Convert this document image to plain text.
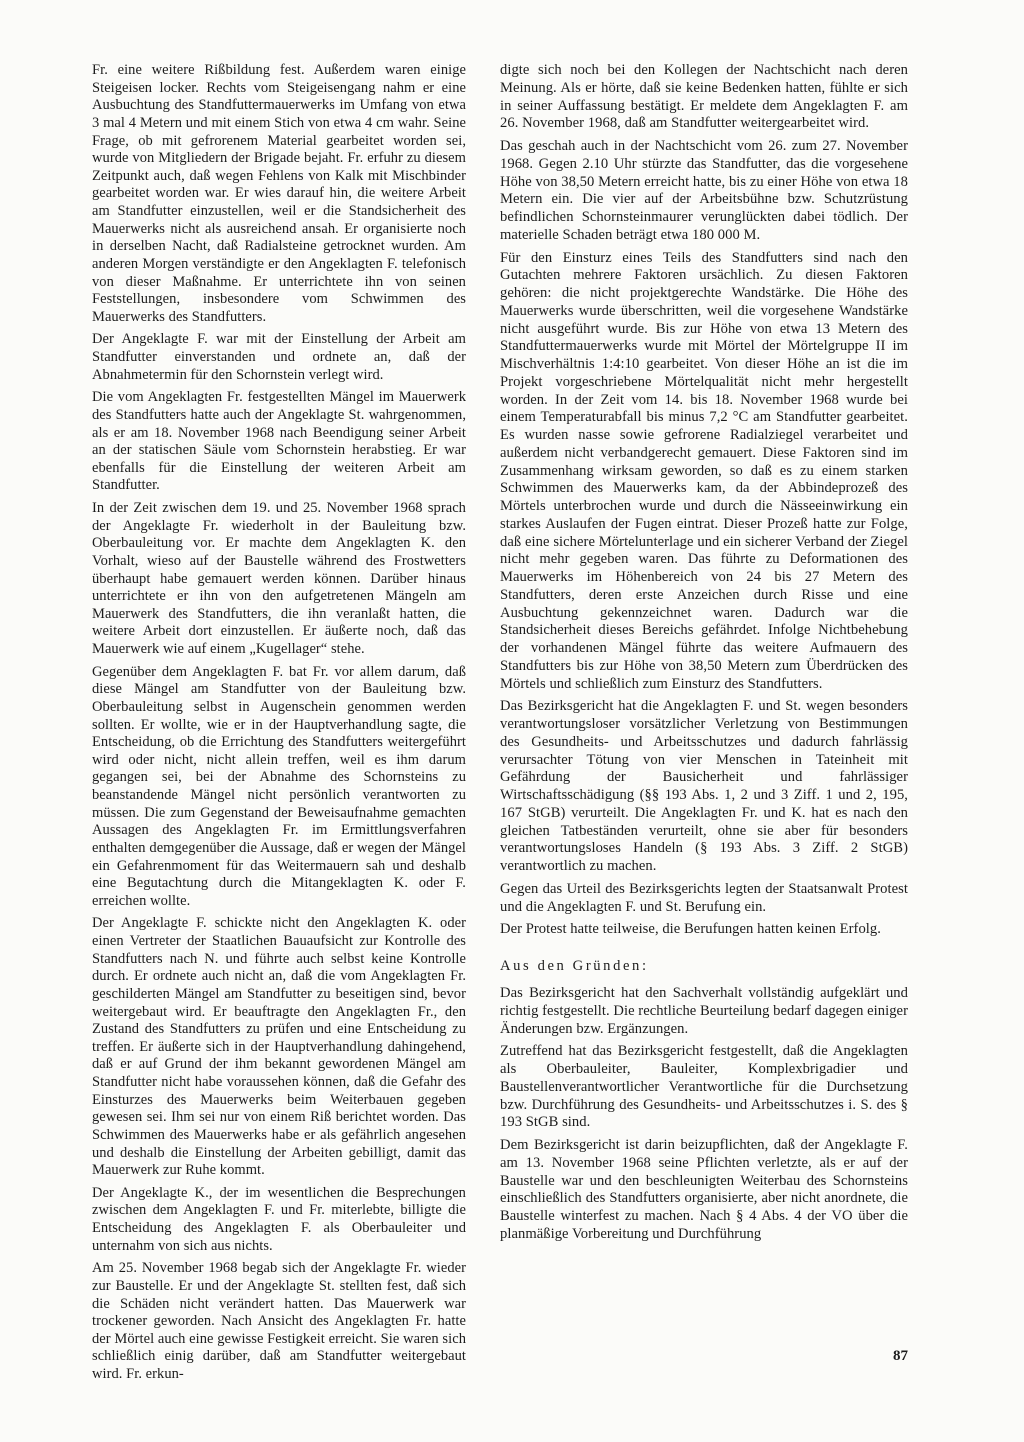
Fr. eine weitere Rißbildung fest. Außerdem waren einige Steigeisen locker. Rechts vom Steigeisengang nahm er eine Ausbuchtung des Standfuttermauerwerks im Umfang von etwa 3 mal 4 Metern und mit einem Stich von etwa 4 cm wahr. Seine Frage, ob mit gefrorenem Material gearbeitet worden sei, wurde von Mitgliedern der Brigade bejaht. Fr. erfuhr zu diesem Zeitpunkt auch, daß wegen Fehlens von Kalk mit Mischbinder gearbeitet worden war. Er wies darauf hin, die weitere Arbeit am Standfutter einzustellen, weil er die Standsicherheit des Mauerwerks nicht als ausreichend ansah. Er organisierte noch in derselben Nacht, daß Radialsteine getrocknet wurden. Am anderen Morgen verständigte er den Angeklagten F. telefonisch von dieser Maßnahme. Er unterrichtete ihn von seinen Feststellungen, insbesondere vom Schwimmen des Mauerwerks des Standfutters.

Der Angeklagte F. war mit der Einstellung der Arbeit am Standfutter einverstanden und ordnete an, daß der Abnahmetermin für den Schornstein verlegt wird.

Die vom Angeklagten Fr. festgestellten Mängel im Mauerwerk des Standfutters hatte auch der Angeklagte St. wahrgenommen, als er am 18. November 1968 nach Beendigung seiner Arbeit an der statischen Säule vom Schornstein herabstieg. Er war ebenfalls für die Einstellung der weiteren Arbeit am Standfutter.

In der Zeit zwischen dem 19. und 25. November 1968 sprach der Angeklagte Fr. wiederholt in der Bauleitung bzw. Oberbauleitung vor. Er machte dem Angeklagten K. den Vorhalt, wieso auf der Baustelle während des Frostwetters überhaupt habe gemauert werden können. Darüber hinaus unterrichtete er ihn von den aufgetretenen Mängeln am Mauerwerk des Standfutters, die ihn veranlaßt hatten, die weitere Arbeit dort einzustellen. Er äußerte noch, daß das Mauerwerk wie auf einem „Kugellager“ stehe.

Gegenüber dem Angeklagten F. bat Fr. vor allem darum, daß diese Mängel am Standfutter von der Bauleitung bzw. Oberbauleitung selbst in Augenschein genommen werden sollten. Er wollte, wie er in der Hauptverhandlung sagte, die Entscheidung, ob die Errichtung des Standfutters weitergeführt wird oder nicht, nicht allein treffen, weil es ihm darum gegangen sei, bei der Abnahme des Schornsteins zu beanstandende Mängel nicht persönlich verantworten zu müssen. Die zum Gegenstand der Beweisaufnahme gemachten Aussagen des Angeklagten Fr. im Ermittlungsverfahren enthalten demgegenüber die Aussage, daß er wegen der Mängel ein Gefahrenmoment für das Weitermauern sah und deshalb eine Begutachtung durch die Mitangeklagten K. oder F. erreichen wollte.

Der Angeklagte F. schickte nicht den Angeklagten K. oder einen Vertreter der Staatlichen Bauaufsicht zur Kontrolle des Standfutters nach N. und führte auch selbst keine Kontrolle durch. Er ordnete auch nicht an, daß die vom Angeklagten Fr. geschilderten Mängel am Standfutter zu beseitigen sind, bevor weitergebaut wird. Er beauftragte den Angeklagten Fr., den Zustand des Standfutters zu prüfen und eine Entscheidung zu treffen. Er äußerte sich in der Hauptverhandlung dahingehend, daß er auf Grund der ihm bekannt gewordenen Mängel am Standfutter nicht habe voraussehen können, daß die Gefahr des Einsturzes des Mauerwerks beim Weiterbauen gegeben gewesen sei. Ihm sei nur von einem Riß berichtet worden. Das Schwimmen des Mauerwerks habe er als gefährlich angesehen und deshalb die Einstellung der Arbeiten gebilligt, damit das Mauerwerk zur Ruhe kommt.

Der Angeklagte K., der im wesentlichen die Besprechungen zwischen dem Angeklagten F. und Fr. miterlebte, billigte die Entscheidung des Angeklagten F. als Oberbauleiter und unternahm von sich aus nichts.

Am 25. November 1968 begab sich der Angeklagte Fr. wieder zur Baustelle. Er und der Angeklagte St. stellten fest, daß sich die Schäden nicht verändert hatten. Das Mauerwerk war trockener geworden. Nach Ansicht des Angeklagten Fr. hatte der Mörtel auch eine gewisse Festigkeit erreicht. Sie waren sich schließlich einig darüber, daß am Standfutter weitergebaut wird. Fr. erkun-

digte sich noch bei den Kollegen der Nachtschicht nach deren Meinung. Als er hörte, daß sie keine Bedenken hatten, fühlte er sich in seiner Auffassung bestätigt. Er meldete dem Angeklagten F. am 26. November 1968, daß am Standfutter weitergearbeitet wird.

Das geschah auch in der Nachtschicht vom 26. zum 27. November 1968. Gegen 2.10 Uhr stürzte das Standfutter, das die vorgesehene Höhe von 38,50 Metern erreicht hatte, bis zu einer Höhe von etwa 18 Metern ein. Die vier auf der Arbeitsbühne bzw. Schutzrüstung befindlichen Schornsteinmaurer verunglückten dabei tödlich. Der materielle Schaden beträgt etwa 180 000 M.

Für den Einsturz eines Teils des Standfutters sind nach den Gutachten mehrere Faktoren ursächlich. Zu diesen Faktoren gehören: die nicht projektgerechte Wandstärke. Die Höhe des Mauerwerks wurde überschritten, weil die vorgesehene Wandstärke nicht ausgeführt wurde. Bis zur Höhe von etwa 13 Metern des Standfuttermauerwerks wurde mit Mörtel der Mörtelgruppe II im Mischverhältnis 1:4:10 gearbeitet. Von dieser Höhe an ist die im Projekt vorgeschriebene Mörtelqualität nicht mehr hergestellt worden. In der Zeit vom 14. bis 18. November 1968 wurde bei einem Temperaturabfall bis minus 7,2 °C am Standfutter gearbeitet. Es wurden nasse sowie gefrorene Radialziegel verarbeitet und außerdem nicht verbandgerecht gemauert. Diese Faktoren sind im Zusammenhang wirksam geworden, so daß es zu einem starken Schwimmen des Mauerwerks kam, da der Abbindeprozeß des Mörtels unterbrochen wurde und durch die Nässeeinwirkung ein starkes Auslaufen der Fugen eintrat. Dieser Prozeß hatte zur Folge, daß eine sichere Mörtelunterlage und ein sicherer Verband der Ziegel nicht mehr gegeben waren. Das führte zu Deformationen des Mauerwerks im Höhenbereich von 24 bis 27 Metern des Standfutters, deren erste Anzeichen durch Risse und eine Ausbuchtung gekennzeichnet waren. Dadurch war die Standsicherheit dieses Bereichs gefährdet. Infolge Nichtbehebung der vorhandenen Mängel führte das weitere Aufmauern des Standfutters bis zur Höhe von 38,50 Metern zum Überdrücken des Mörtels und schließlich zum Einsturz des Standfutters.

Das Bezirksgericht hat die Angeklagten F. und St. wegen besonders verantwortungsloser vorsätzlicher Verletzung von Bestimmungen des Gesundheits- und Arbeitsschutzes und dadurch fahrlässig verursachter Tötung von vier Menschen in Tateinheit mit Gefährdung der Bausicherheit und fahrlässiger Wirtschaftsschädigung (§§ 193 Abs. 1, 2 und 3 Ziff. 1 und 2, 195, 167 StGB) verurteilt. Die Angeklagten Fr. und K. hat es nach den gleichen Tatbeständen verurteilt, ohne sie aber für besonders verantwortungsloses Handeln (§ 193 Abs. 3 Ziff. 2 StGB) verantwortlich zu machen.

Gegen das Urteil des Bezirksgerichts legten der Staatsanwalt Protest und die Angeklagten F. und St. Berufung ein.

Der Protest hatte teilweise, die Berufungen hatten keinen Erfolg.

Aus den Gründen:

Das Bezirksgericht hat den Sachverhalt vollständig aufgeklärt und richtig festgestellt. Die rechtliche Beurteilung bedarf dagegen einiger Änderungen bzw. Ergänzungen.

Zutreffend hat das Bezirksgericht festgestellt, daß die Angeklagten als Oberbauleiter, Bauleiter, Komplexbrigadier und Baustellenverantwortlicher Verantwortliche für die Durchsetzung bzw. Durchführung des Gesundheits- und Arbeitsschutzes i. S. des § 193 StGB sind.

Dem Bezirksgericht ist darin beizupflichten, daß der Angeklagte F. am 13. November 1968 seine Pflichten verletzte, als er auf der Baustelle war und den beschleunigten Weiterbau des Schornsteins einschließlich des Standfutters organisierte, aber nicht anordnete, die Baustelle winterfest zu machen. Nach § 4 Abs. 4 der VO über die planmäßige Vorbereitung und Durchführung

87
